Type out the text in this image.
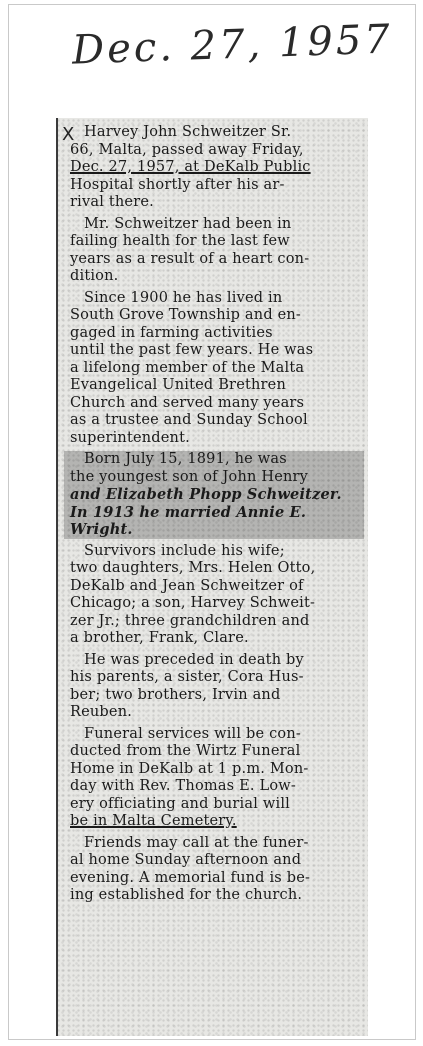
Dec. 27, 1957

Harvey John Schweitzer Sr.
66, Malta, passed away Friday,
Dec. 27, 1957, at DeKalb Public
Hospital shortly after his ar-
rival there.

Mr. Schweitzer had been in
failing health for the last few
years as a result of a heart con-
dition.

Since 1900 he has lived in
South Grove Township and en-
gaged in farming activities
until the past few years. He was
a lifelong member of the Malta
Evangelical United Brethren
Church and served many years
as a trustee and Sunday School
superintendent.

Born July 15, 1891, he was
the youngest son of John Henry
and Elizabeth Phopp Schweitzer.
In 1913 he married Annie E.
Wright.

Survivors include his wife;
two daughters, Mrs. Helen Otto,
DeKalb and Jean Schweitzer of
Chicago; a son, Harvey Schweit-
zer Jr.; three grandchildren and
a brother, Frank, Clare.

He was preceded in death by
his parents, a sister, Cora Hus-
ber; two brothers, Irvin and
Reuben.

Funeral services will be con-
ducted from the Wirtz Funeral
Home in DeKalb at 1 p.m. Mon-
day with Rev. Thomas E. Low-
ery officiating and burial will
be in Malta Cemetery.

Friends may call at the funer-
al home Sunday afternoon and
evening. A memorial fund is be-
ing established for the church.

X
